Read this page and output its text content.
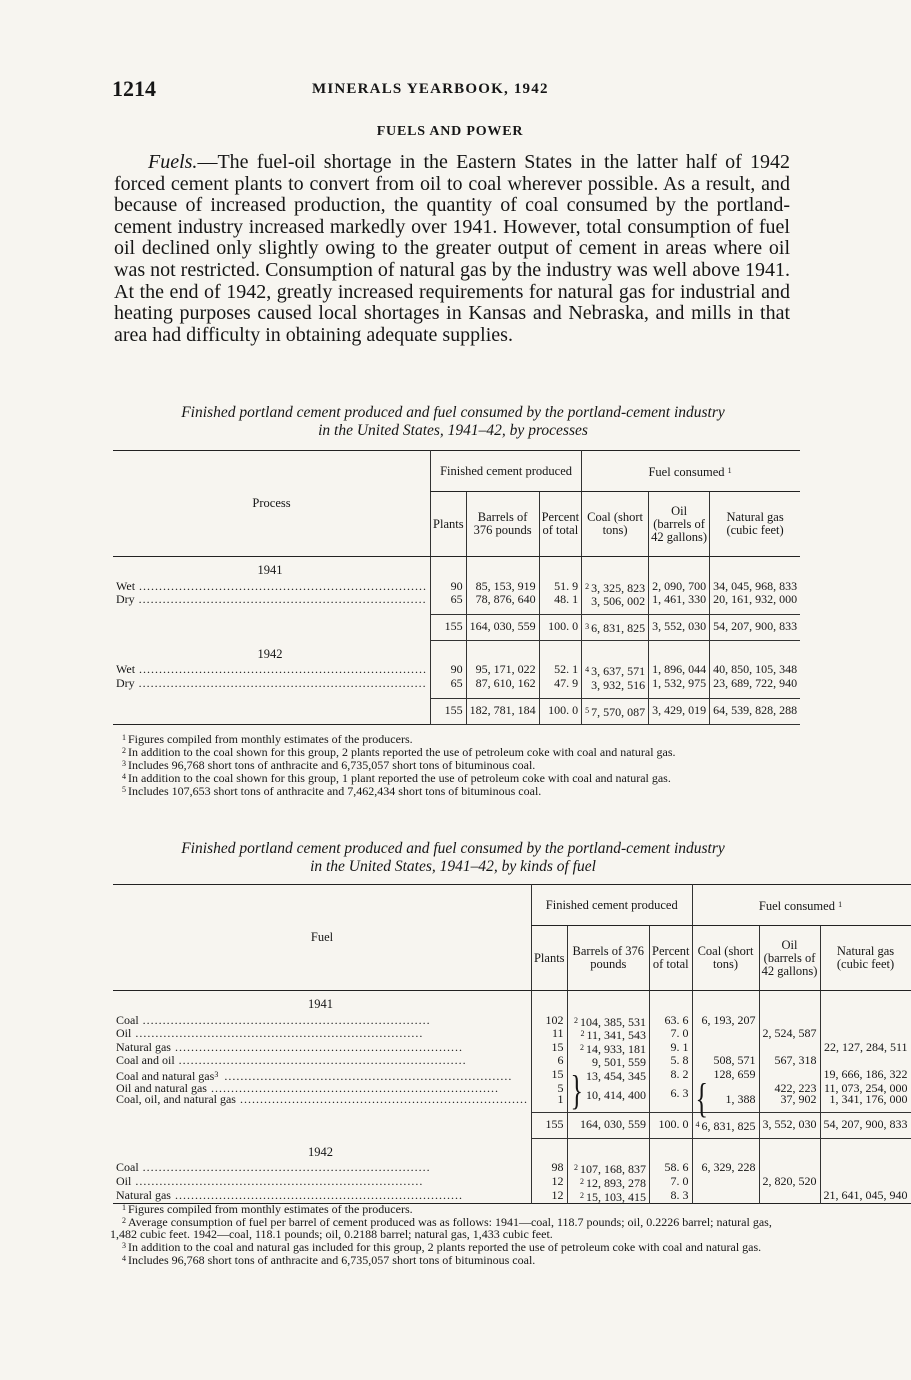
1214	MINERALS YEARBOOK, 1942
FUELS AND POWER

Fuels.—The fuel-oil shortage in the Eastern States in the latter half of 1942 forced cement plants to convert from oil to coal wherever possible. As a result, and because of increased production, the quantity of coal consumed by the portland-cement industry increased markedly over 1941. However, total consumption of fuel oil declined only slightly owing to the greater output of cement in areas where oil was not restricted. Consumption of natural gas by the industry was well above 1941. At the end of 1942, greatly increased requirements for natural gas for industrial and heating purposes caused local shortages in Kansas and Nebraska, and mills in that area had difficulty in obtaining adequate supplies.

Finished portland cement produced and fuel consumed by the portland-cement industry
in the United States, 1941–42, by processes
Process	Finished cement produced			Fuel consumed $^1$
	Plants	Barrels of 376 pounds	Percent of total	Coal (short tons)	Oil (barrels of 42 gallons)	Natural gas (cubic feet)
1941						
Wet .....	90	85, 153, 919	51. 9	$^2$ 3, 325, 823	2, 090, 700	34, 045, 968, 833
Dry .....	65	78, 876, 640	48. 1	3, 506, 002	1, 461, 330	20, 161, 932, 000

	155	164, 030, 559	100. 0	$^3$ 6, 831, 825	3, 552, 030	54, 207, 900, 833
1942						
Wet .....	90	95, 171, 022	52. 1	$^4$ 3, 637, 571	1, 896, 044	40, 850, 105, 348
Dry .....	65	87, 610, 162	47. 9	3, 932, 516	1, 532, 975	23, 689, 722, 940

	155	182, 781, 184	100. 0	$^5$ 7, 570, 087	3, 429, 019	64, 539, 828, 288

$^1$ Figures compiled from monthly estimates of the producers.

$^2$ In addition to the coal shown for this group, 2 plants reported the use of petroleum coke with coal and natural gas.

$^3$ Includes 96,768 short tons of anthracite and 6,735,057 short tons of bituminous coal.

$^4$ In addition to the coal shown for this group, 1 plant reported the use of petroleum coke with coal and natural gas.

$^5$ Includes 107,653 short tons of anthracite and 7,462,434 short tons of bituminous coal.

Finished portland cement produced and fuel consumed by the portland-cement industry
in the United States, 1941–42, by kinds of fuel
Fuel	Finished cement produced			Fuel consumed $^1$
	Plants	Barrels of 376 pounds	Percent of total	Coal (short tons)	Oil (barrels of 42 gallons)	Natural gas (cubic feet)
1941						
Coal .....	102	$^2$ 104, 385, 531	63. 6	6, 193, 207		
Oil .....	11	$^2$ 11, 341, 543	7. 0		2, 524, 587	
Natural gas .....	15	$^2$ 14, 933, 181	9. 1			22, 127, 284, 511
Coal and oil .....	6	9, 501, 559	5. 8	508, 571	567, 318	
Coal and natural gas$^3$ .....	15	13, 454, 345	8. 2	128, 659		19, 666, 186, 322
Oil and natural gas .....	5	} 10, 414, 400	6. 3	{ 1, 388	422, 223	11, 073, 254, 000
Coal, oil, and natural gas .....	1				37, 902	1, 341, 176, 000

	155	164, 030, 559	100. 0	$^4$ 6, 831, 825	3, 552, 030	54, 207, 900, 833
1942						
Coal .....	98	$^2$ 107, 168, 837	58. 6	6, 329, 228		
Oil .....	12	$^2$ 12, 893, 278	7. 0		2, 820, 520	
Natural gas .....	12	$^2$ 15, 103, 415	8. 3			21, 641, 045, 940

$^1$ Figures compiled from monthly estimates of the producers.

$^2$ Average consumption of fuel per barrel of cement produced was as follows: 1941—coal, 118.7 pounds; oil, 0.2226 barrel; natural gas, 1,482 cubic feet. 1942—coal, 118.1 pounds; oil, 0.2188 barrel; natural gas, 1,433 cubic feet.

$^3$ In addition to the coal and natural gas included for this group, 2 plants reported the use of petroleum coke with coal and natural gas.

$^4$ Includes 96,768 short tons of anthracite and 6,735,057 short tons of bituminous coal.
